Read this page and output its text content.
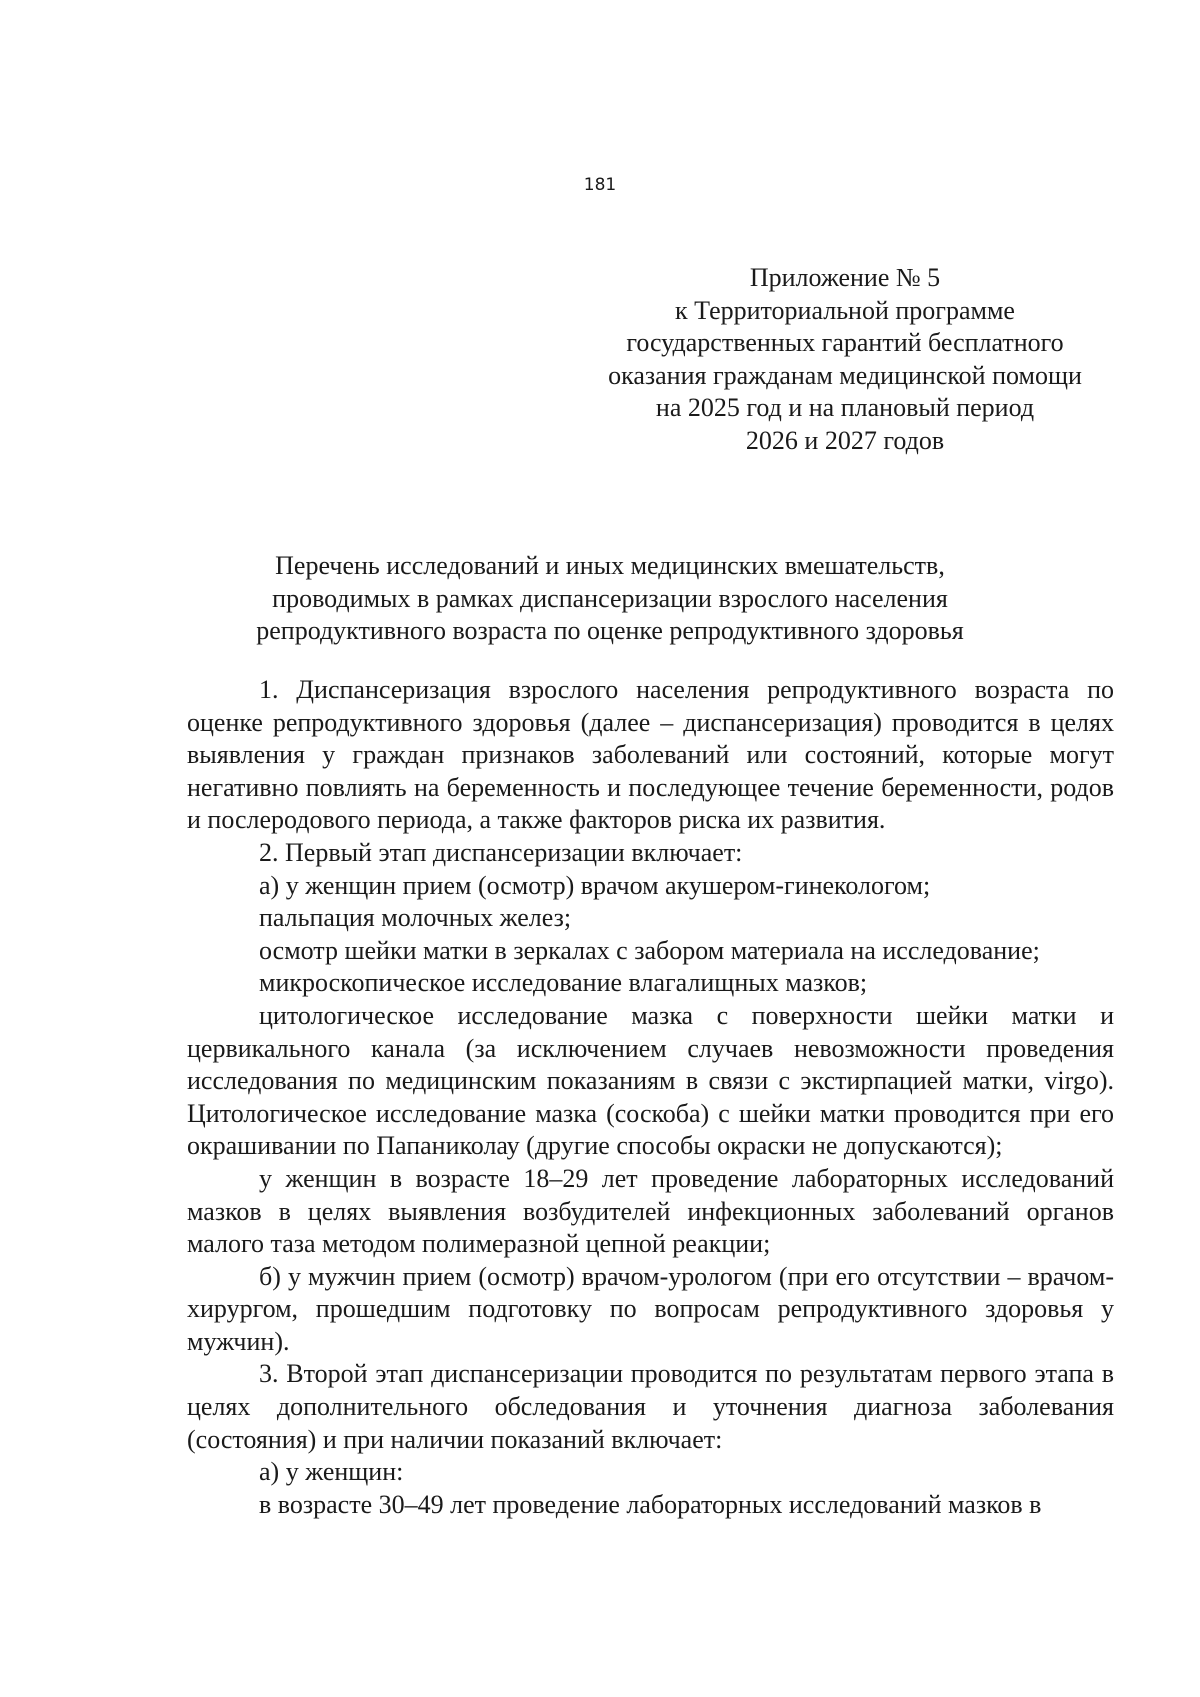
181
Приложение № 5
к Территориальной программе
государственных гарантий бесплатного
оказания гражданам медицинской помощи
на 2025 год и на плановый период
2026 и 2027 годов
Перечень исследований и иных медицинских вмешательств,
проводимых в рамках диспансеризации взрослого населения
репродуктивного возраста по оценке репродуктивного здоровья

1. Диспансеризация взрослого населения репродуктивного возраста по оценке репродуктивного здоровья (далее – диспансеризация) проводится в целях выявления у граждан признаков заболеваний или состояний, которые могут негативно повлиять на беременность и последующее течение беременности, родов и послеродового периода, а также факторов риска их развития.

2. Первый этап диспансеризации включает:

а) у женщин прием (осмотр) врачом акушером-гинекологом;

пальпация молочных желез;

осмотр шейки матки в зеркалах с забором материала на исследование;

микроскопическое исследование влагалищных мазков;

цитологическое исследование мазка с поверхности шейки матки и цервикального канала (за исключением случаев невозможности проведения исследования по медицинским показаниям в связи с экстирпацией матки, virgo). Цитологическое исследование мазка (соскоба) с шейки матки проводится при его окрашивании по Папаниколау (другие способы окраски не допускаются);

у женщин в возрасте 18–29 лет проведение лабораторных исследований мазков в целях выявления возбудителей инфекционных заболеваний органов малого таза методом полимеразной цепной реакции;

б) у мужчин прием (осмотр) врачом-урологом (при его отсутствии – врачом-хирургом, прошедшим подготовку по вопросам репродуктивного здоровья у мужчин).

3. Второй этап диспансеризации проводится по результатам первого этапа в целях дополнительного обследования и уточнения диагноза заболевания (состояния) и при наличии показаний включает:

а) у женщин:

в возрасте 30–49 лет проведение лабораторных исследований мазков в
